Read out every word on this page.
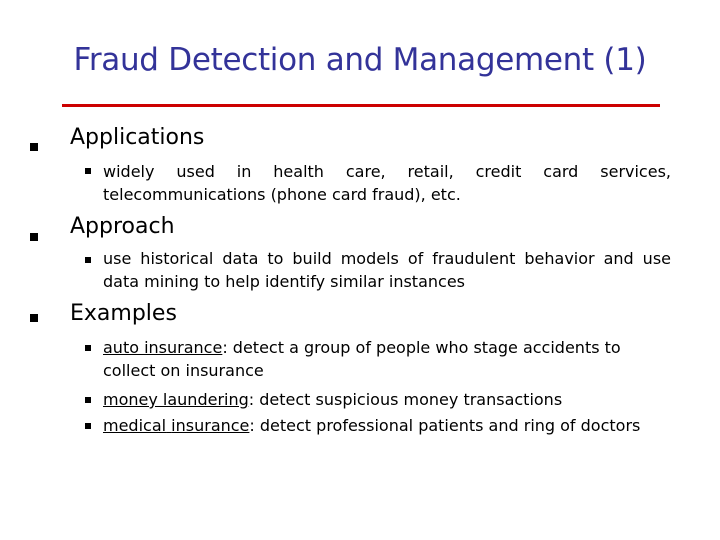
Fraud Detection and Management (1)
Applications
widely used in health care, retail, credit card services, telecommunications (phone card fraud), etc.
Approach
use historical data to build models of fraudulent behavior and use data mining to help identify similar instances
Examples
auto insurance: detect a group of people who stage accidents to collect on insurance
money laundering: detect suspicious money transactions
medical insurance: detect professional patients and ring of doctors
